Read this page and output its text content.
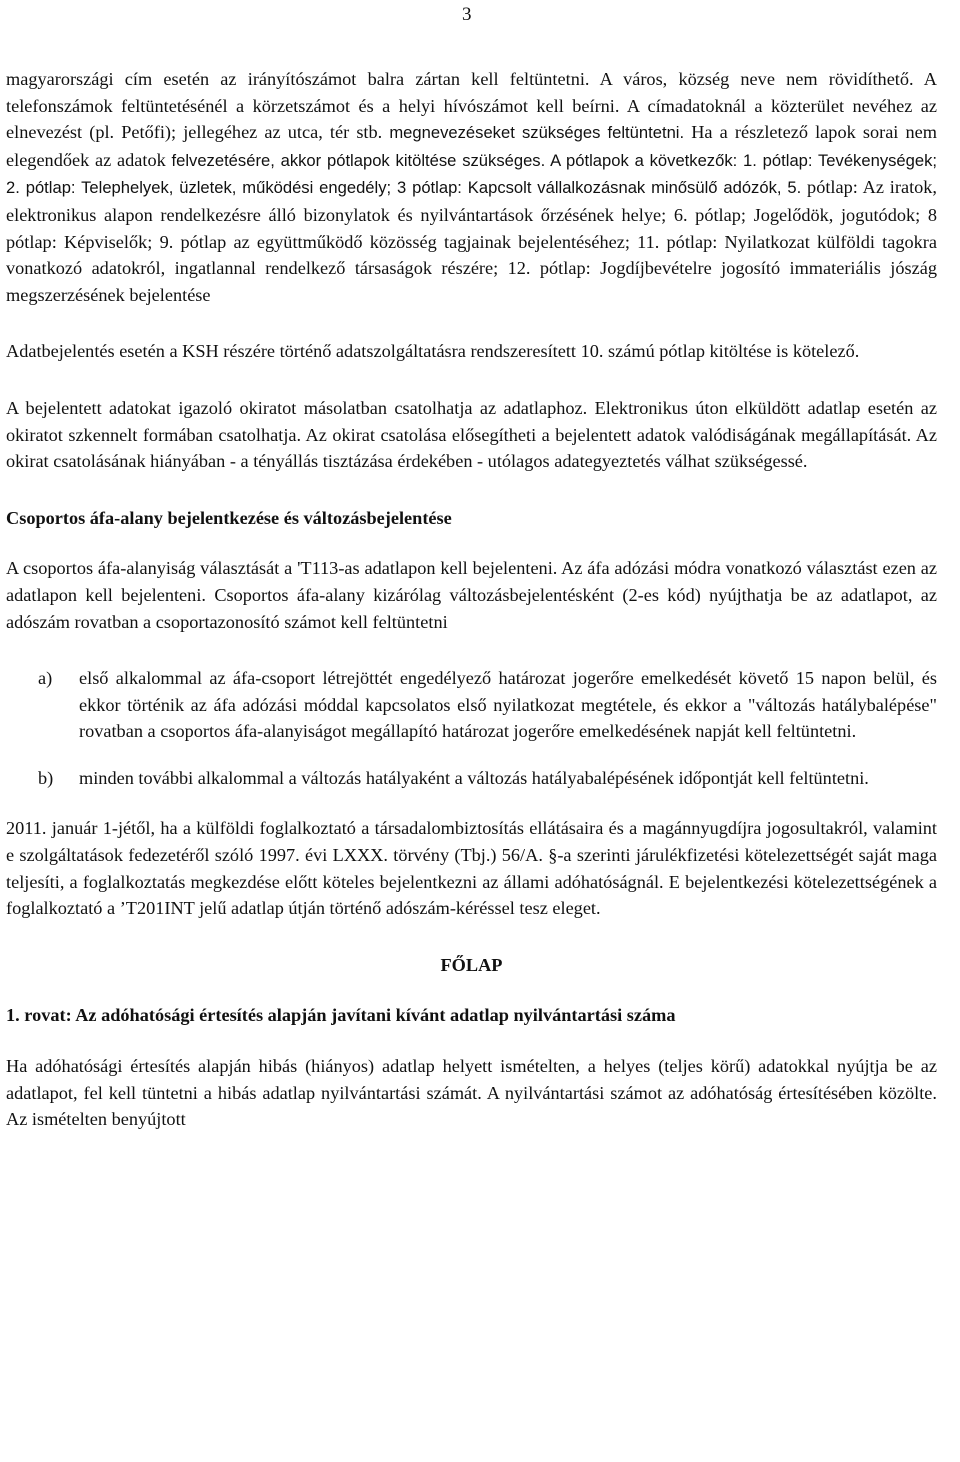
3

magyarországi cím esetén az irányítószámot balra zártan kell feltüntetni. A város, község neve nem rövidíthető. A telefonszámok feltüntetésénél a körzetszámot és a helyi hívószámot kell beírni. A címadatoknál a közterület nevéhez az elnevezést (pl. Petőfi); jellegéhez az utca, tér stb. megnevezéseket szükséges feltüntetni. Ha a részletező lapok sorai nem elegendőek az adatok felvezetésére, akkor pótlapok kitöltése szükséges. A pótlapok a következők: 1. pótlap: Tevékenységek; 2. pótlap: Telephelyek, üzletek, működési engedély; 3 pótlap: Kapcsolt vállalkozásnak minősülő adózók, 5. pótlap: Az iratok, elektronikus alapon rendelkezésre álló bizonylatok és nyilvántartások őrzésének helye; 6. pótlap; Jogelődök, jogutódok; 8 pótlap: Képviselők; 9. pótlap az együttműködő közösség tagjainak bejelentéséhez; 11. pótlap: Nyilatkozat külföldi tagokra vonatkozó adatokról, ingatlannal rendelkező társaságok részére; 12. pótlap: Jogdíjbevételre jogosító immateriális jószág megszerzésének bejelentése

Adatbejelentés esetén a KSH részére történő adatszolgáltatásra rendszeresített 10. számú pótlap kitöltése is kötelező.

A bejelentett adatokat igazoló okiratot másolatban csatolhatja az adatlaphoz. Elektronikus úton elküldött adatlap esetén az okiratot szkennelt formában csatolhatja. Az okirat csatolása elősegítheti a bejelentett adatok valódiságának megállapítását. Az okirat csatolásának hiányában - a tényállás tisztázása érdekében - utólagos adategyeztetés válhat szükségessé.

Csoportos áfa-alany bejelentkezése és változásbejelentése

A csoportos áfa-alanyiság választását a 'T113-as adatlapon kell bejelenteni. Az áfa adózási módra vonatkozó választást ezen az adatlapon kell bejelenteni. Csoportos áfa-alany kizárólag változásbejelentésként (2-es kód) nyújthatja be az adatlapot, az adószám rovatban a csoportazonosító számot kell feltüntetni

a)	első alkalommal az áfa-csoport létrejöttét engedélyező határozat jogerőre emelkedését követő 15 napon belül, és ekkor történik az áfa adózási móddal kapcsolatos első nyilatkozat megtétele, és ekkor a "változás hatálybalépése" rovatban a csoportos áfa-alanyiságot megállapító határozat jogerőre emelkedésének napját kell feltüntetni.
b)	minden további alkalommal a változás hatályaként a változás hatályabalépésének időpontját kell feltüntetni.

2011. január 1-jétől, ha a külföldi foglalkoztató a társadalombiztosítás ellátásaira és a magánnyugdíjra jogosultakról, valamint e szolgáltatások fedezetéről szóló 1997. évi LXXX. törvény (Tbj.) 56/A. §-a szerinti járulékfizetési kötelezettségét saját maga teljesíti, a foglalkoztatás megkezdése előtt köteles bejelentkezni az állami adóhatóságnál. E bejelentkezési kötelezettségének a foglalkoztató a ’T201INT jelű adatlap útján történő adószám-kéréssel tesz eleget.

FŐLAP

1. rovat: Az adóhatósági értesítés alapján javítani kívánt adatlap nyilvántartási száma

Ha adóhatósági értesítés alapján hibás (hiányos) adatlap helyett ismételten, a helyes (teljes körű) adatokkal nyújtja be az adatlapot, fel kell tüntetni a hibás adatlap nyilvántartási számát. A nyilvántartási számot az adóhatóság értesítésében közölte. Az ismételten benyújtott
